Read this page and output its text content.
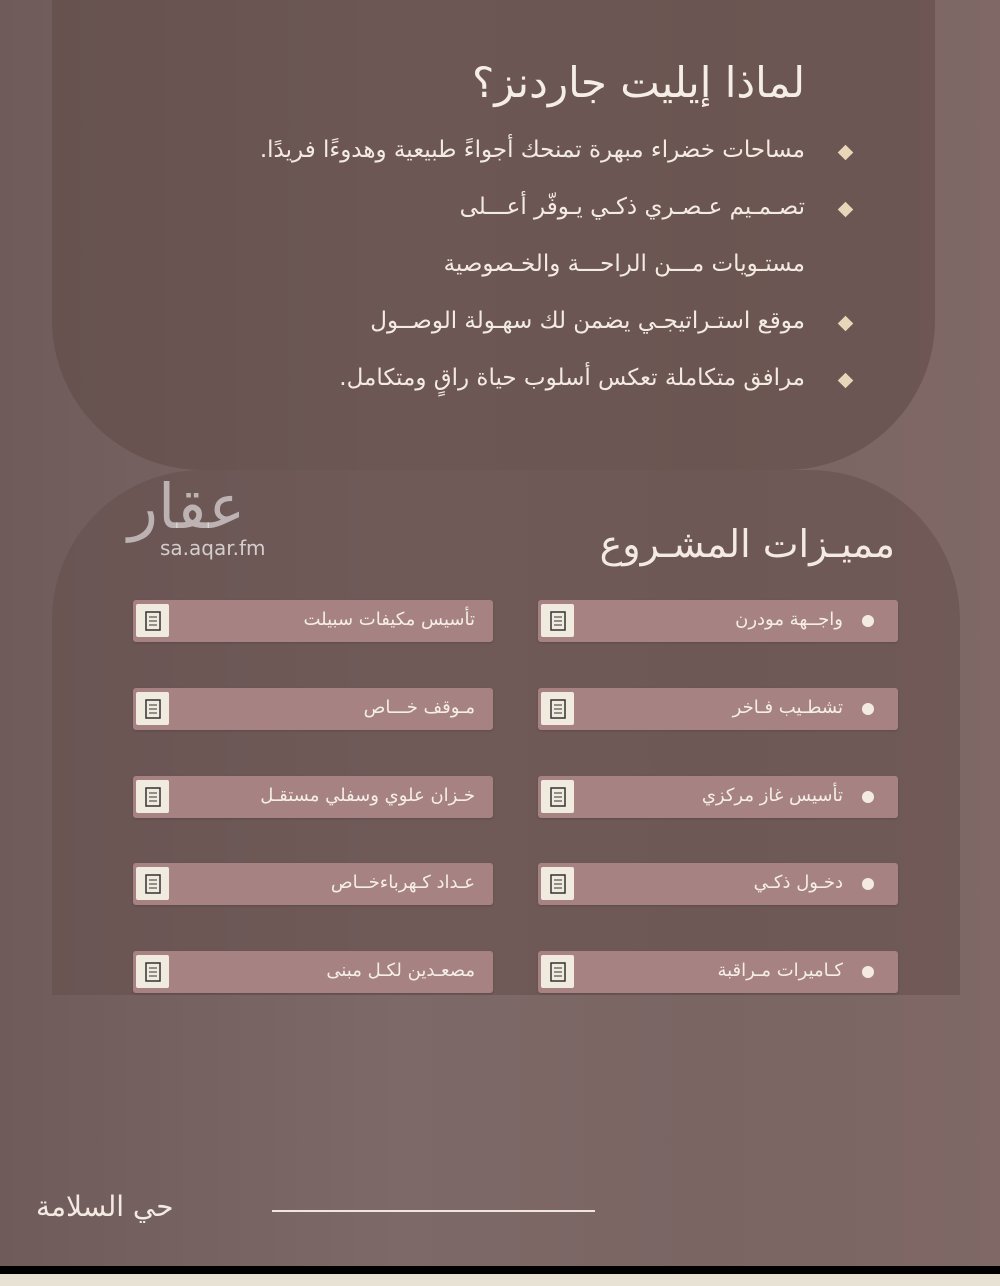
لماذا إيليت جاردنز؟
مساحات خضراء مبهرة تمنحك أجواءً طبيعية وهدوءًا فريدًا.
تصـمـيم عـصـري ذكـي يـوفّر أعـــلى
مستـويات مـــن الراحـــة والخـصوصية
موقع استـراتيجـي يضمن لك سهـولة الوصــول
مرافق متكاملة تعكس أسلوب حياة راقٍ ومتكامل.
عقار
sa.aqar.fm	مميـزات المشـروع
واجــهة مودرن
تشطـيب فـاخر
تأسيس غاز مركزي
دخـول ذكـي
كـاميرات مـراقبة
تأسيس مكيفات سبيلت
مـوقف خـــاص
خـزان علوي وسفلي مستقـل
عـداد كـهرباءخــاص
مصعـدين لكـل مبنى
حي السلامة
